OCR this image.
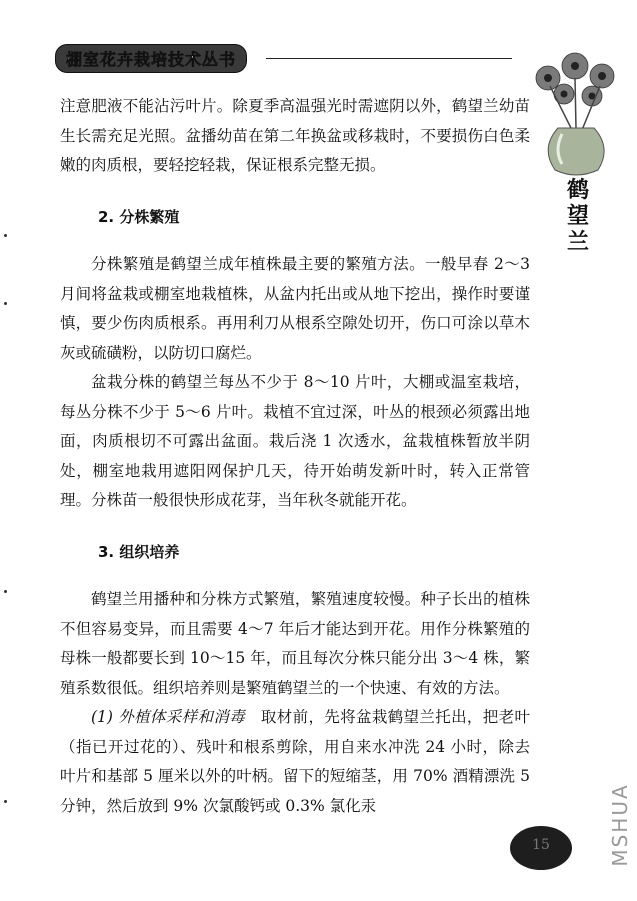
棚室花卉栽培技术丛书
鹤
望
兰

注意肥液不能沾污叶片。除夏季高温强光时需遮阴以外，鹤望兰幼苗生长需充足光照。盆播幼苗在第二年换盆或移栽时，不要损伤白色柔嫩的肉质根，要轻挖轻栽，保证根系完整无损。

2. 分株繁殖

分株繁殖是鹤望兰成年植株最主要的繁殖方法。一般早春 2～3 月间将盆栽或棚室地栽植株，从盆内托出或从地下挖出，操作时要谨慎，要少伤肉质根系。再用利刀从根系空隙处切开，伤口可涂以草木灰或硫磺粉，以防切口腐烂。

盆栽分株的鹤望兰每丛不少于 8～10 片叶，大棚或温室栽培，每丛分株不少于 5～6 片叶。栽植不宜过深，叶丛的根颈必须露出地面，肉质根切不可露出盆面。栽后浇 1 次透水，盆栽植株暂放半阴处，棚室地栽用遮阳网保护几天，待开始萌发新叶时，转入正常管理。分株苗一般很快形成花芽，当年秋冬就能开花。

3. 组织培养

鹤望兰用播种和分株方式繁殖，繁殖速度较慢。种子长出的植株不但容易变异，而且需要 4～7 年后才能达到开花。用作分株繁殖的母株一般都要长到 10～15 年，而且每次分株只能分出 3～4 株，繁殖系数很低。组织培养则是繁殖鹤望兰的一个快速、有效的方法。

(1) 外植体采样和消毒　 取材前，先将盆栽鹤望兰托出，把老叶（指已开过花的）、残叶和根系剪除，用自来水冲洗 24 小时，除去叶片和基部 5 厘米以外的叶柄。留下的短缩茎，用 70% 酒精漂洗 5 分钟，然后放到 9% 次氯酸钙或 0.3% 氯化汞

15	MSHUA
